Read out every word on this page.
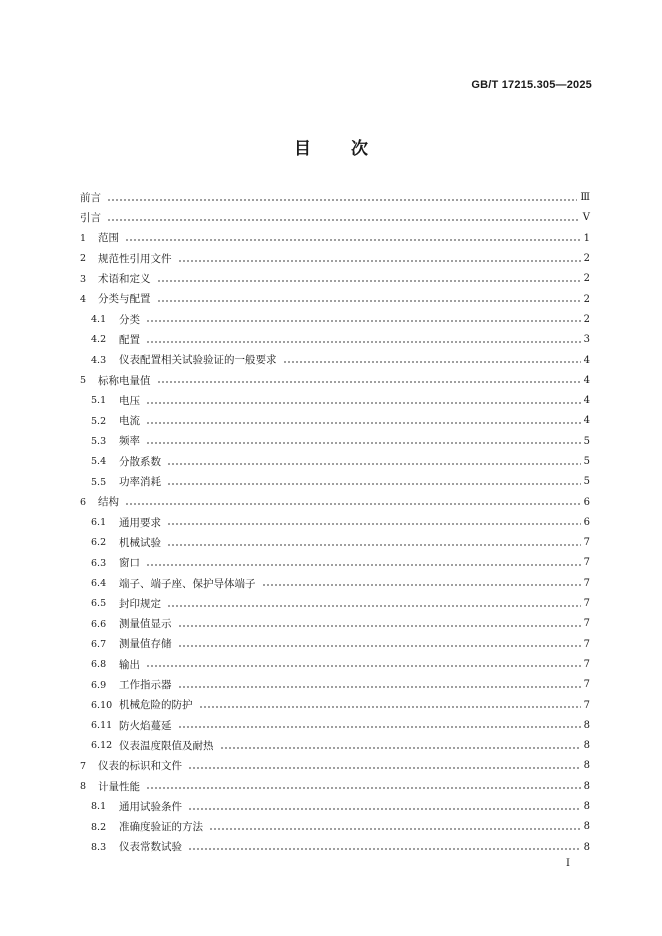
GB/T 17215.305—2025
目次
前言	Ⅲ
引言	Ⅴ
1	范围	1
2	规范性引用文件	2
3	术语和定义	2
4	分类与配置	2
4.1	分类	2
4.2	配置	3
4.3	仪表配置相关试验验证的一般要求	4
5	标称电量值	4
5.1	电压	4
5.2	电流	4
5.3	频率	5
5.4	分散系数	5
5.5	功率消耗	5
6	结构	6
6.1	通用要求	6
6.2	机械试验	7
6.3	窗口	7
6.4	端子、端子座、保护导体端子	7
6.5	封印规定	7
6.6	测量值显示	7
6.7	测量值存储	7
6.8	输出	7
6.9	工作指示器	7
6.10 机械危险的防护	7
6.11 防火焰蔓延	8
6.12 仪表温度限值及耐热	8
7	仪表的标识和文件	8
8	计量性能	8
8.1	通用试验条件	8
8.2	准确度验证的方法	8
8.3	仪表常数试验	8
Ⅰ
